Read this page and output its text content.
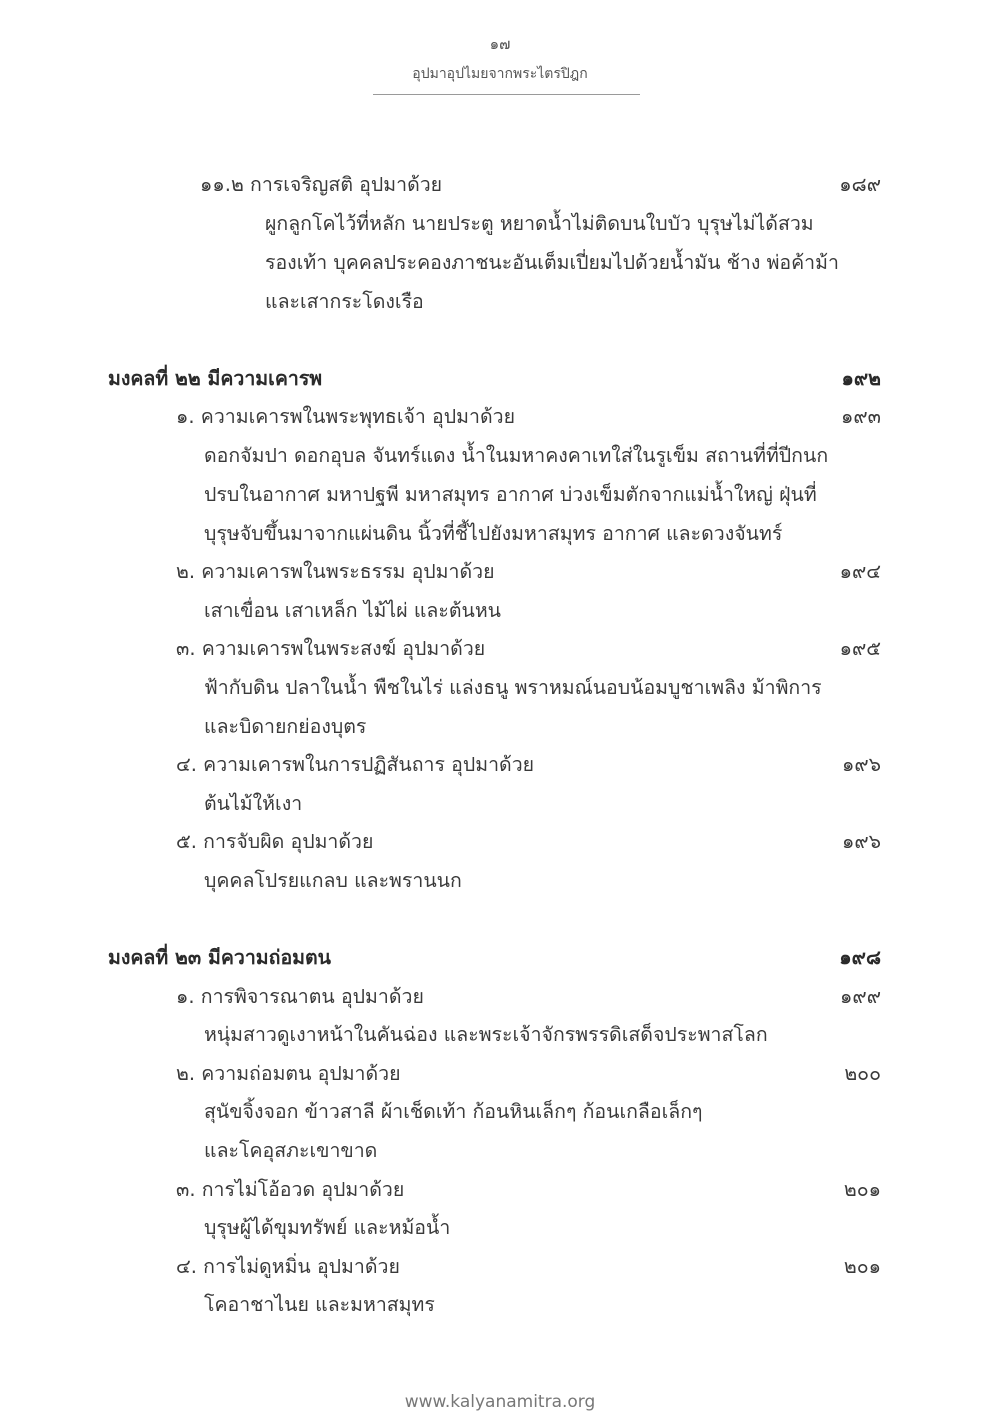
๑๗
อุปมาอุปไมยจากพระไตรปิฎก
๑๑.๒ การเจริญสติ อุปมาด้วย	๑๘๙
ผูกลูกโคไว้ที่หลัก นายประตู หยาดน้ำไม่ติดบนใบบัว บุรุษไม่ได้สวม
รองเท้า บุคคลประคองภาชนะอันเต็มเปี่ยมไปด้วยน้ำมัน ช้าง พ่อค้าม้า
และเสากระโดงเรือ
มงคลที่ ๒๒ มีความเคารพ	๑๙๒
๑. ความเคารพในพระพุทธเจ้า อุปมาด้วย	๑๙๓
ดอกจัมปา ดอกอุบล จันทร์แดง น้ำในมหาคงคาเทใส่ในรูเข็ม สถานที่ที่ปีกนก
ปรบในอากาศ มหาปฐพี มหาสมุทร อากาศ บ่วงเข็มตักจากแม่น้ำใหญ่ ฝุ่นที่
บุรุษจับขึ้นมาจากแผ่นดิน นิ้วที่ชี้ไปยังมหาสมุทร อากาศ และดวงจันทร์
๒. ความเคารพในพระธรรม อุปมาด้วย	๑๙๔
เสาเขื่อน เสาเหล็ก ไม้ไผ่ และต้นหน
๓. ความเคารพในพระสงฆ์ อุปมาด้วย	๑๙๕
ฟ้ากับดิน ปลาในน้ำ พืชในไร่ แล่งธนู พราหมณ์นอบน้อมบูชาเพลิง ม้าพิการ
และบิดายกย่องบุตร
๔. ความเคารพในการปฏิสันถาร อุปมาด้วย	๑๙๖
ต้นไม้ให้เงา
๕. การจับผิด อุปมาด้วย	๑๙๖
บุคคลโปรยแกลบ และพรานนก
มงคลที่ ๒๓ มีความถ่อมตน	๑๙๘
๑. การพิจารณาตน อุปมาด้วย	๑๙๙
หนุ่มสาวดูเงาหน้าในคันฉ่อง และพระเจ้าจักรพรรดิเสด็จประพาสโลก
๒. ความถ่อมตน อุปมาด้วย	๒๐๐
สุนัขจิ้งจอก ข้าวสาลี ผ้าเช็ดเท้า ก้อนหินเล็กๆ ก้อนเกลือเล็กๆ
และโคอุสภะเขาขาด
๓. การไม่โอ้อวด อุปมาด้วย	๒๐๑
บุรุษผู้ได้ขุมทรัพย์ และหม้อน้ำ
๔. การไม่ดูหมิ่น อุปมาด้วย	๒๐๑
โคอาชาไนย และมหาสมุทร
www.kalyanamitra.org
